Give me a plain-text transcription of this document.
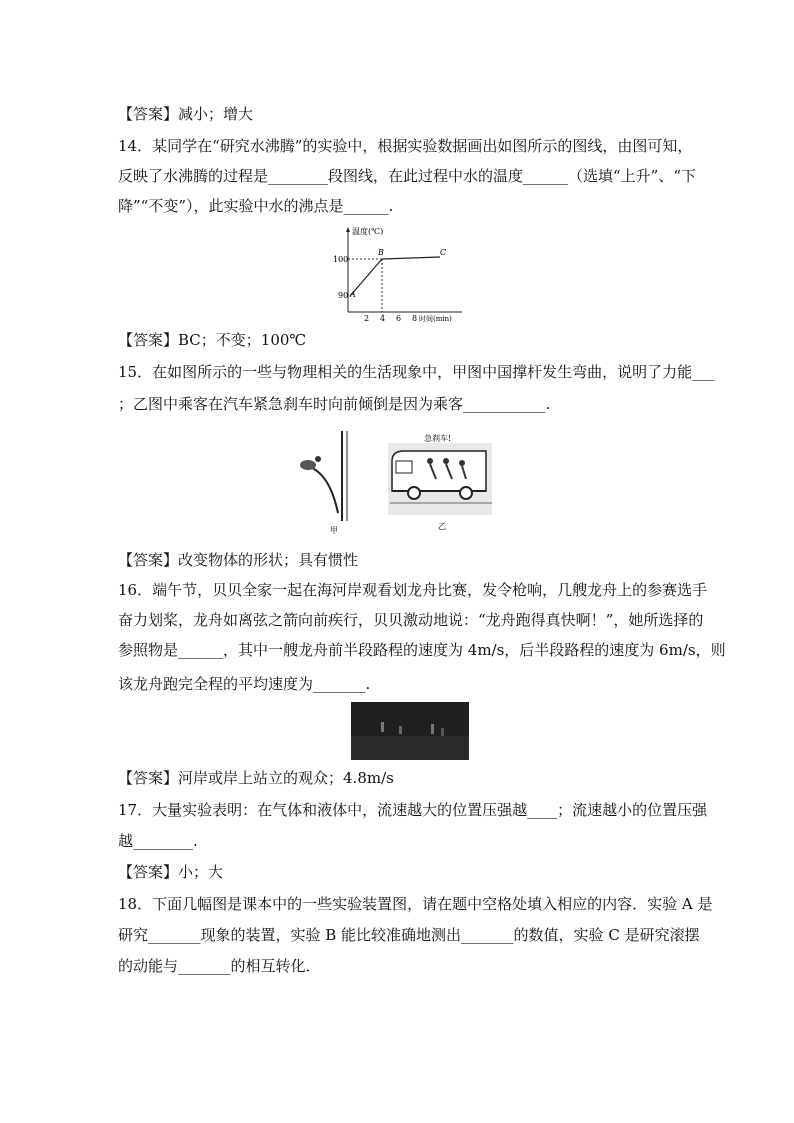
【答案】减小；增大
14．某同学在“研究水沸腾”的实验中，根据实验数据画出如图所示的图线，由图可知，
反映了水沸腾的过程是________段图线，在此过程中水的温度______（选填“上升”、“下
降”“不变”），此实验中水的沸点是______.
温度(℃)
100
90 A
B	C
2 4 6 8 时间(min)
【答案】BC；不变；100℃
15．在如图所示的一些与物理相关的生活现象中，甲图中国撑杆发生弯曲，说明了力能___
；乙图中乘客在汽车紧急刹车时向前倾倒是因为乘客___________.
甲
急刹车!
乙
【答案】改变物体的形状；具有惯性
16．端午节，贝贝全家一起在海河岸观看划龙舟比赛，发令枪响，几艘龙舟上的参赛选手
奋力划桨，龙舟如离弦之箭向前疾行，贝贝激动地说：“龙舟跑得真快啊！”，她所选择的
参照物是______，其中一艘龙舟前半段路程的速度为 4m/s，后半段路程的速度为 6m/s，则
该龙舟跑完全程的平均速度为_______.
【答案】河岸或岸上站立的观众；4.8m/s
17．大量实验表明：在气体和液体中，流速越大的位置压强越____；流速越小的位置压强
越________.
【答案】小；大
18．下面几幅图是课本中的一些实验装置图，请在题中空格处填入相应的内容．实验 A 是
研究_______现象的装置，实验 B 能比较准确地测出_______的数值，实验 C 是研究滚摆
的动能与_______的相互转化．
